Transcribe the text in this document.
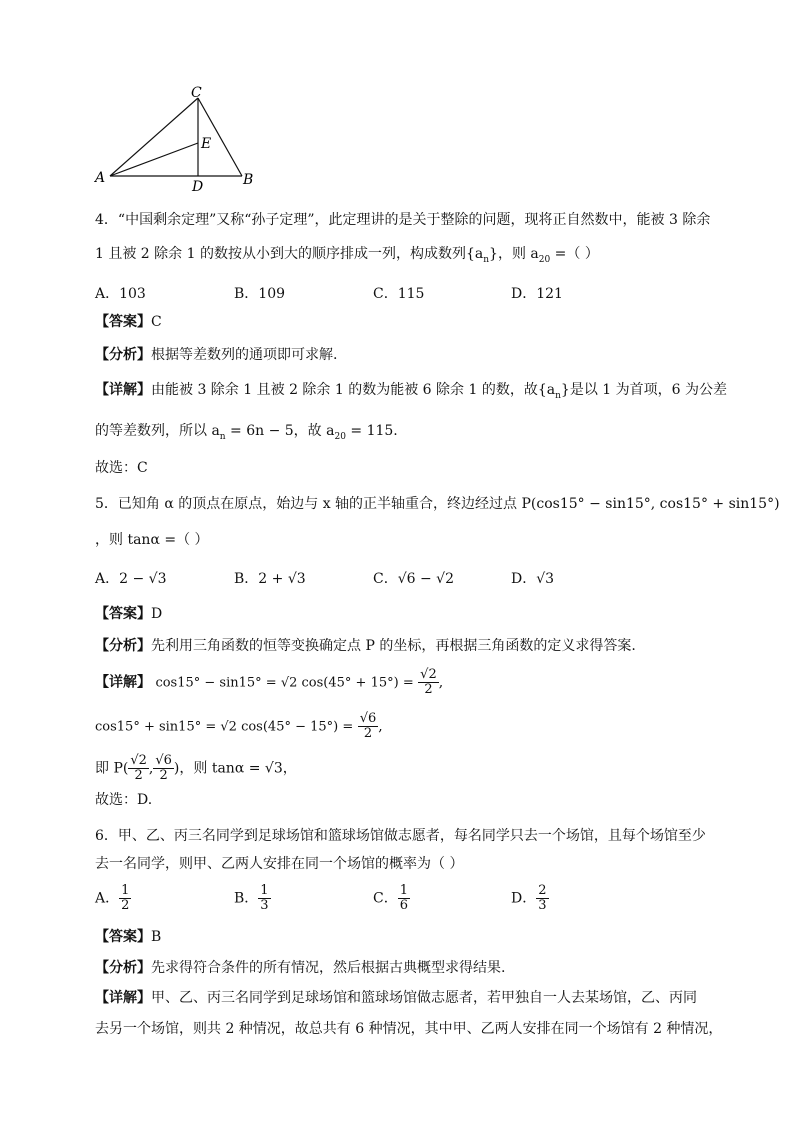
C
E
A
D	B
4．“中国剩余定理”又称“孙子定理”，此定理讲的是关于整除的问题，现将正自然数中，能被 3 除余
1 且被 2 除余 1 的数按从小到大的顺序排成一列，构成数列$\{a_n\}$，则 $a_{20}$ =（ ）
A．103	B．109	C．115	D．121
【答案】C
【分析】根据等差数列的通项即可求解.
【详解】由能被 3 除余 1 且被 2 除余 1 的数为能被 6 除余 1 的数，故$\{a_n\}$是以 1 为首项，6 为公差
的等差数列，所以 $a_n = 6n - 5$，故 $a_{20} = 115$.
故选：C
5．已知角 α 的顶点在原点，始边与 x 轴的正半轴重合，终边经过点 P(cos15° − sin15°, cos15° + sin15°)
，则 tanα =（ ）
A．2 − √3	B．2 + √3	C．√6 − √2	D．√3
【答案】D
【分析】先利用三角函数的恒等变换确定点 P 的坐标，再根据三角函数的定义求得答案.
【详解】 cos15° − sin15° = √2 $\cos(45^\circ + 15^\circ) = \frac{√2}{2}$ ,
cos15° + sin15° = √2 $\cos(45^\circ - 15^\circ) = \frac{√6}{2}$ ,
即 $P( \frac{√2}{2}$ , $\frac{√6}{2}$ )，则 tanα = √3，
故选：D.
6．甲、乙、丙三名同学到足球场馆和篮球场馆做志愿者，每名同学只去一个场馆，且每个场馆至少
去一名同学，则甲、乙两人安排在同一个场馆的概率为（ ）
A． $\frac{1}{2}$	B． $\frac{1}{3}$	C． $\frac{1}{6}$	D． $\frac{2}{3}$
【答案】B
【分析】先求得符合条件的所有情况，然后根据古典概型求得结果.
【详解】甲、乙、丙三名同学到足球场馆和篮球场馆做志愿者，若甲独自一人去某场馆，乙、丙同
去另一个场馆，则共 2 种情况，故总共有 6 种情况，其中甲、乙两人安排在同一个场馆有 2 种情况，
